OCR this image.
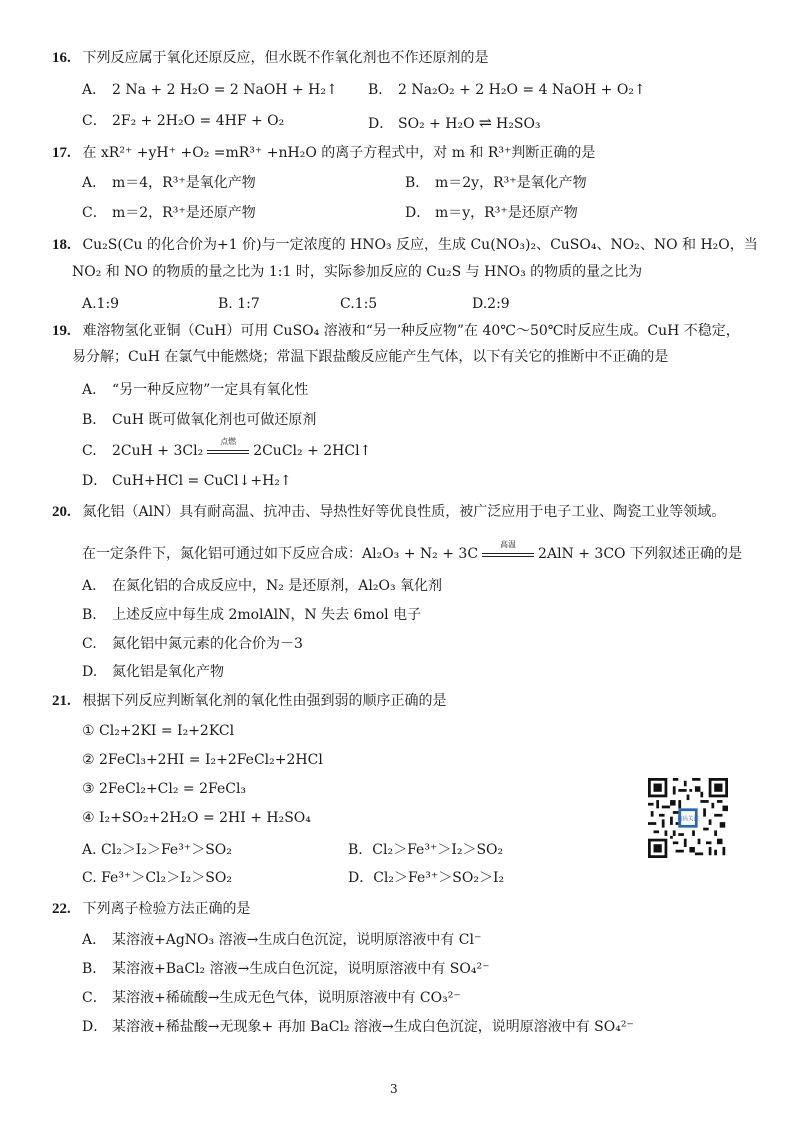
16. 下列反应属于氧化还原反应，但水既不作氧化剂也不作还原剂的是
A． 2 Na + 2 H₂O = 2 NaOH + H₂↑ B． 2 Na₂O₂ + 2 H₂O = 4 NaOH + O₂↑
C． 2F₂ + 2H₂O = 4HF + O₂	D． SO₂ + H₂O ⇌ H₂SO₃
17. 在 xR²⁺ +yH⁺ +O₂ =mR³⁺ +nH₂O 的离子方程式中，对 m 和 R³⁺判断正确的是
A． m＝4，R³⁺是氧化产物	B． m＝2y，R³⁺是氧化产物
C． m＝2，R³⁺是还原产物	D． m＝y，R³⁺是还原产物
18. Cu₂S(Cu 的化合价为+1 价)与一定浓度的 HNO₃ 反应，生成 Cu(NO₃)₂、CuSO₄、NO₂、NO 和 H₂O，当
NO₂ 和 NO 的物质的量之比为 1:1 时，实际参加反应的 Cu₂S 与 HNO₃ 的物质的量之比为
A.1:9	B. 1:7	C.1:5	D.2:9
19. 难溶物氢化亚铜（CuH）可用 CuSO₄ 溶液和“另一种反应物”在 40℃～50℃时反应生成。CuH 不稳定，
易分解；CuH 在氯气中能燃烧；常温下跟盐酸反应能产生气体，以下有关它的推断中不正确的是
A． “另一种反应物”一定具有氧化性
B． CuH 既可做氧化剂也可做还原剂
C. 2CuH + 3Cl₂
点燃
2CuCl₂ + 2HCl↑
D． CuH+HCl = CuCl↓+H₂↑
20. 氮化铝（AlN）具有耐高温、抗冲击、导热性好等优良性质，被广泛应用于电子工业、陶瓷工业等领域。
在一定条件下，氮化铝可通过如下反应合成：Al₂O₃ + N₂ + 3C
高温
2AlN + 3CO 下列叙述正确的是
A. 在氮化铝的合成反应中，N₂ 是还原剂，Al₂O₃ 氧化剂
B. 上述反应中每生成 2molAlN，N 失去 6mol 电子
C. 氮化铝中氮元素的化合价为－3
D. 氮化铝是氧化产物
21. 根据下列反应判断氧化剂的氧化性由强到弱的顺序正确的是
① Cl₂+2KI = I₂+2KCl
② 2FeCl₃+2HI = I₂+2FeCl₂+2HCl
③ 2FeCl₂+Cl₂ = 2FeCl₃
④ I₂+SO₂+2H₂O = 2HI + H₂SO₄
A. Cl₂＞I₂＞Fe³⁺＞SO₂	B．Cl₂＞Fe³⁺＞I₂＞SO₂
C. Fe³⁺＞Cl₂＞I₂＞SO₂	D．Cl₂＞Fe³⁺＞SO₂＞I₂
扫码关注
22. 下列离子检验方法正确的是
A． 某溶液+AgNO₃ 溶液→生成白色沉淀，说明原溶液中有 Cl⁻
B． 某溶液+BaCl₂ 溶液→生成白色沉淀，说明原溶液中有 SO₄²⁻
C． 某溶液+稀硫酸→生成无色气体，说明原溶液中有 CO₃²⁻
D． 某溶液+稀盐酸→无现象+ 再加 BaCl₂ 溶液→生成白色沉淀，说明原溶液中有 SO₄²⁻
3
